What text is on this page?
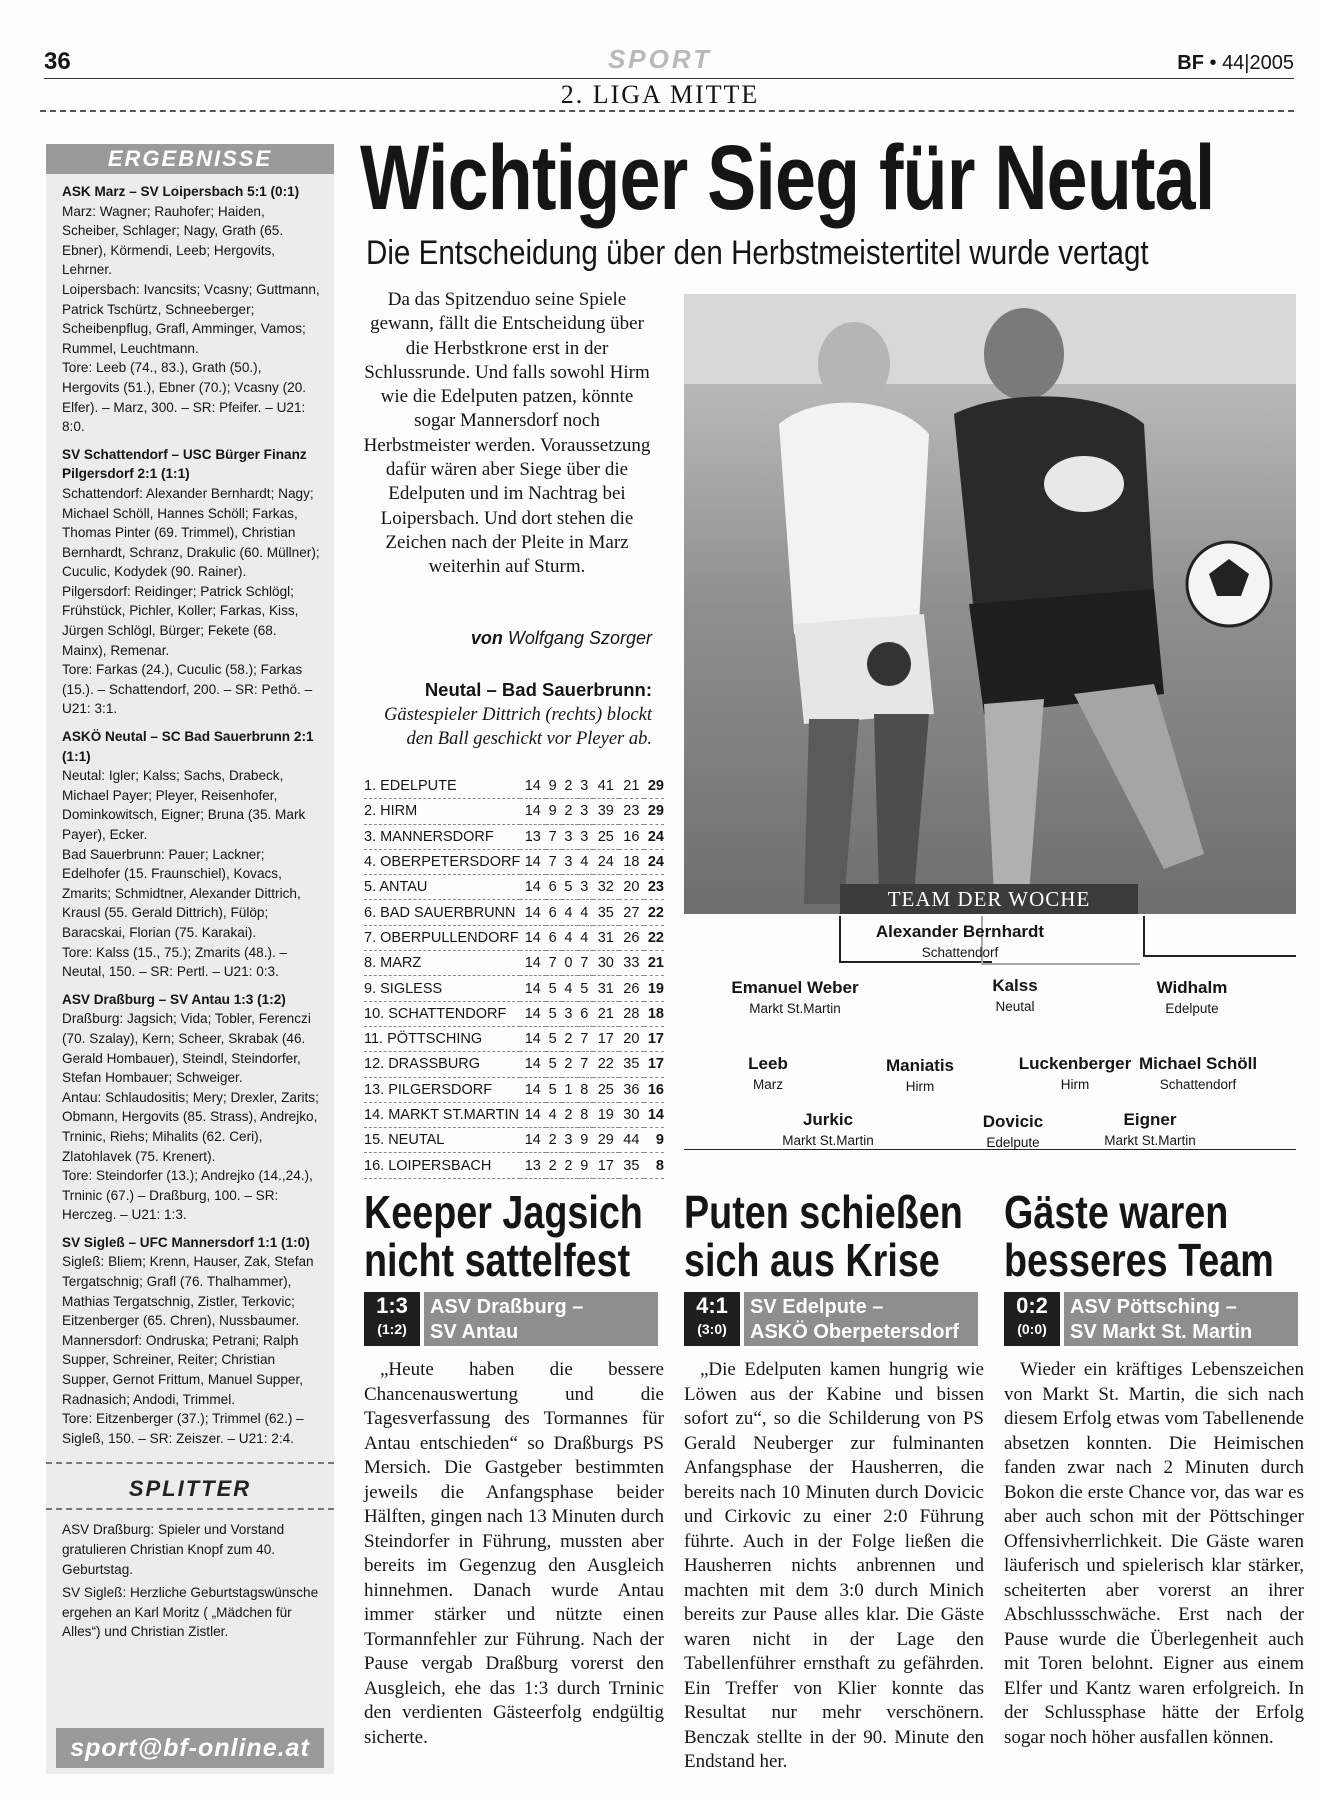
36	SPORT	BF • 44|2005
2. LIGA MITTE
ERGEBNISSE
ASK Marz – SV Loipersbach 5:1 (0:1)

Marz: Wagner; Rauhofer; Haiden, Scheiber, Schlager; Nagy, Grath (65. Ebner), Körmendi, Leeb; Hergovits, Lehrner.

Loipersbach: Ivancsits; Vcasny; Guttmann, Patrick Tschürtz, Schneeberger; Scheibenpflug, Grafl, Amminger, Vamos; Rummel, Leuchtmann.

Tore: Leeb (74., 83.), Grath (50.), Hergovits (51.), Ebner (70.); Vcasny (20. Elfer). – Marz, 300. – SR: Pfeifer. – U21: 8:0.

SV Schattendorf – USC Bürger Finanz Pilgersdorf 2:1 (1:1)

Schattendorf: Alexander Bernhardt; Nagy; Michael Schöll, Hannes Schöll; Farkas, Thomas Pinter (69. Trimmel), Christian Bernhardt, Schranz, Drakulic (60. Müllner); Cuculic, Kodydek (90. Rainer).

Pilgersdorf: Reidinger; Patrick Schlögl; Frühstück, Pichler, Koller; Farkas, Kiss, Jürgen Schlögl, Bürger; Fekete (68. Mainx), Remenar.

Tore: Farkas (24.), Cuculic (58.); Farkas (15.). – Schattendorf, 200. – SR: Pethö. – U21: 3:1.

ASKÖ Neutal – SC Bad Sauerbrunn 2:1 (1:1)

Neutal: Igler; Kalss; Sachs, Drabeck, Michael Payer; Pleyer, Reisenhofer, Dominkowitsch, Eigner; Bruna (35. Mark Payer), Ecker.

Bad Sauerbrunn: Pauer; Lackner; Edelhofer (15. Fraunschiel), Kovacs, Zmarits; Schmidtner, Alexander Dittrich, Krausl (55. Gerald Dittrich), Fülöp; Baracskai, Florian (75. Karakai).

Tore: Kalss (15., 75.); Zmarits (48.). – Neutal, 150. – SR: Pertl. – U21: 0:3.

ASV Draßburg – SV Antau 1:3 (1:2)

Draßburg: Jagsich; Vida; Tobler, Ferenczi (70. Szalay), Kern; Scheer, Skrabak (46. Gerald Hombauer), Steindl, Steindorfer, Stefan Hombauer; Schweiger.

Antau: Schlaudositis; Mery; Drexler, Zarits; Obmann, Hergovits (85. Strass), Andrejko, Trninic, Riehs; Mihalits (62. Ceri), Zlatohlavek (75. Krenert).

Tore: Steindorfer (13.); Andrejko (14.,24.), Trninic (67.) – Draßburg, 100. – SR: Herczeg. – U21: 1:3.

SV Sigleß – UFC Mannersdorf 1:1 (1:0)

Sigleß: Bliem; Krenn, Hauser, Zak, Stefan Tergatschnig; Grafl (76. Thalhammer), Mathias Tergatschnig, Zistler, Terkovic; Eitzenberger (65. Chren), Nussbaumer.

Mannersdorf: Ondruska; Petrani; Ralph Supper, Schreiner, Reiter; Christian Supper, Gernot Frittum, Manuel Supper, Radnasich; Andodi, Trimmel.

Tore: Eitzenberger (37.); Trimmel (62.) – Sigleß, 150. – SR: Zeiszer. – U21: 2:4.

SPLITTER

ASV Draßburg: Spieler und Vorstand gratulieren Christian Knopf zum 40. Geburtstag.

SV Sigleß: Herzliche Geburtstagswünsche ergehen an Karl Moritz ( „Mädchen für Alles“) und Christian Zistler.

sport@bf-online.at
Wichtiger Sieg für Neutal
Die Entscheidung über den Herbstmeistertitel wurde vertagt
Da das Spitzenduo seine Spiele gewann, fällt die Entscheidung über die Herbstkrone erst in der Schlussrunde. Und falls sowohl Hirm wie die Edelputen patzen, könnte sogar Mannersdorf noch Herbstmeister werden. Voraussetzung dafür wären aber Siege über die Edelputen und im Nachtrag bei Loipersbach. Und dort stehen die Zeichen nach der Pleite in Marz weiterhin auf Sturm.
von Wolfgang Szorger
Neutal – Bad Sauerbrunn: Gästespieler Dittrich (rechts) blockt den Ball geschickt vor Pleyer ab.
TEAM DER WOCHE
Alexander Bernhardt
Schattendorf
Emanuel Weber
Markt St.Martin
Kalss
Neutal
Widhalm
Edelpute
Leeb
Marz
Maniatis
Hirm
Luckenberger
Hirm
Michael Schöll
Schattendorf
Jurkic
Markt St.Martin
Dovicic
Edelpute
Eigner
Markt St.Martin
1. EDELPUTE	14	9	2	3	41	21	29
2. HIRM	14	9	2	3	39	23	29
3. MANNERSDORF	13	7	3	3	25	16	24
4. OBERPETERSDORF	14	7	3	4	24	18	24
5. ANTAU	14	6	5	3	32	20	23
6. BAD SAUERBRUNN	14	6	4	4	35	27	22
7. OBERPULLENDORF	14	6	4	4	31	26	22
8. MARZ	14	7	0	7	30	33	21
9. SIGLESS	14	5	4	5	31	26	19
10. SCHATTENDORF	14	5	3	6	21	28	18
11. PÖTTSCHING	14	5	2	7	17	20	17
12. DRASSBURG	14	5	2	7	22	35	17
13. PILGERSDORF	14	5	1	8	25	36	16
14. MARKT ST.MARTIN	14	4	2	8	19	30	14
15. NEUTAL	14	2	3	9	29	44	9
16. LOIPERSBACH	13	2	2	9	17	35	8
Keeper Jagsich
nicht sattelfest
1:3
(1:2)
ASV Draßburg –
SV Antau

„Heute haben die bessere Chancenauswertung und die Tagesverfassung des Tormannes für Antau entschieden“ so Draßburgs PS Mersich. Die Gastgeber bestimmten jeweils die Anfangsphase beider Hälften, gingen nach 13 Minuten durch Steindorfer in Führung, mussten aber bereits im Gegenzug den Ausgleich hinnehmen. Danach wurde Antau immer stärker und nützte einen Tormannfehler zur Führung. Nach der Pause vergab Draßburg vorerst den Ausgleich, ehe das 1:3 durch Trninic den verdienten Gästeerfolg endgültig sicherte.

Puten schießen
sich aus Krise
4:1
(3:0)
SV Edelpute –
ASKÖ Oberpetersdorf

„Die Edelputen kamen hungrig wie Löwen aus der Kabine und bissen sofort zu“, so die Schilderung von PS Gerald Neuberger zur fulminanten Anfangsphase der Hausherren, die bereits nach 10 Minuten durch Dovicic und Cirkovic zu einer 2:0 Führung führte. Auch in der Folge ließen die Hausherren nichts anbrennen und machten mit dem 3:0 durch Minich bereits zur Pause alles klar. Die Gäste waren nicht in der Lage den Tabellenführer ernsthaft zu gefährden. Ein Treffer von Klier konnte das Resultat nur mehr verschönern. Benczak stellte in der 90. Minute den Endstand her.

Gäste waren
besseres Team
0:2
(0:0)
ASV Pöttsching –
SV Markt St. Martin

Wieder ein kräftiges Lebenszeichen von Markt St. Martin, die sich nach diesem Erfolg etwas vom Tabellenende absetzen konnten. Die Heimischen fanden zwar nach 2 Minuten durch Bokon die erste Chance vor, das war es aber auch schon mit der Pöttschinger Offensivherrlichkeit. Die Gäste waren läuferisch und spielerisch klar stärker, scheiterten aber vorerst an ihrer Abschlussschwäche. Erst nach der Pause wurde die Überlegenheit auch mit Toren belohnt. Eigner aus einem Elfer und Kantz waren erfolgreich. In der Schlussphase hätte der Erfolg sogar noch höher ausfallen können.
